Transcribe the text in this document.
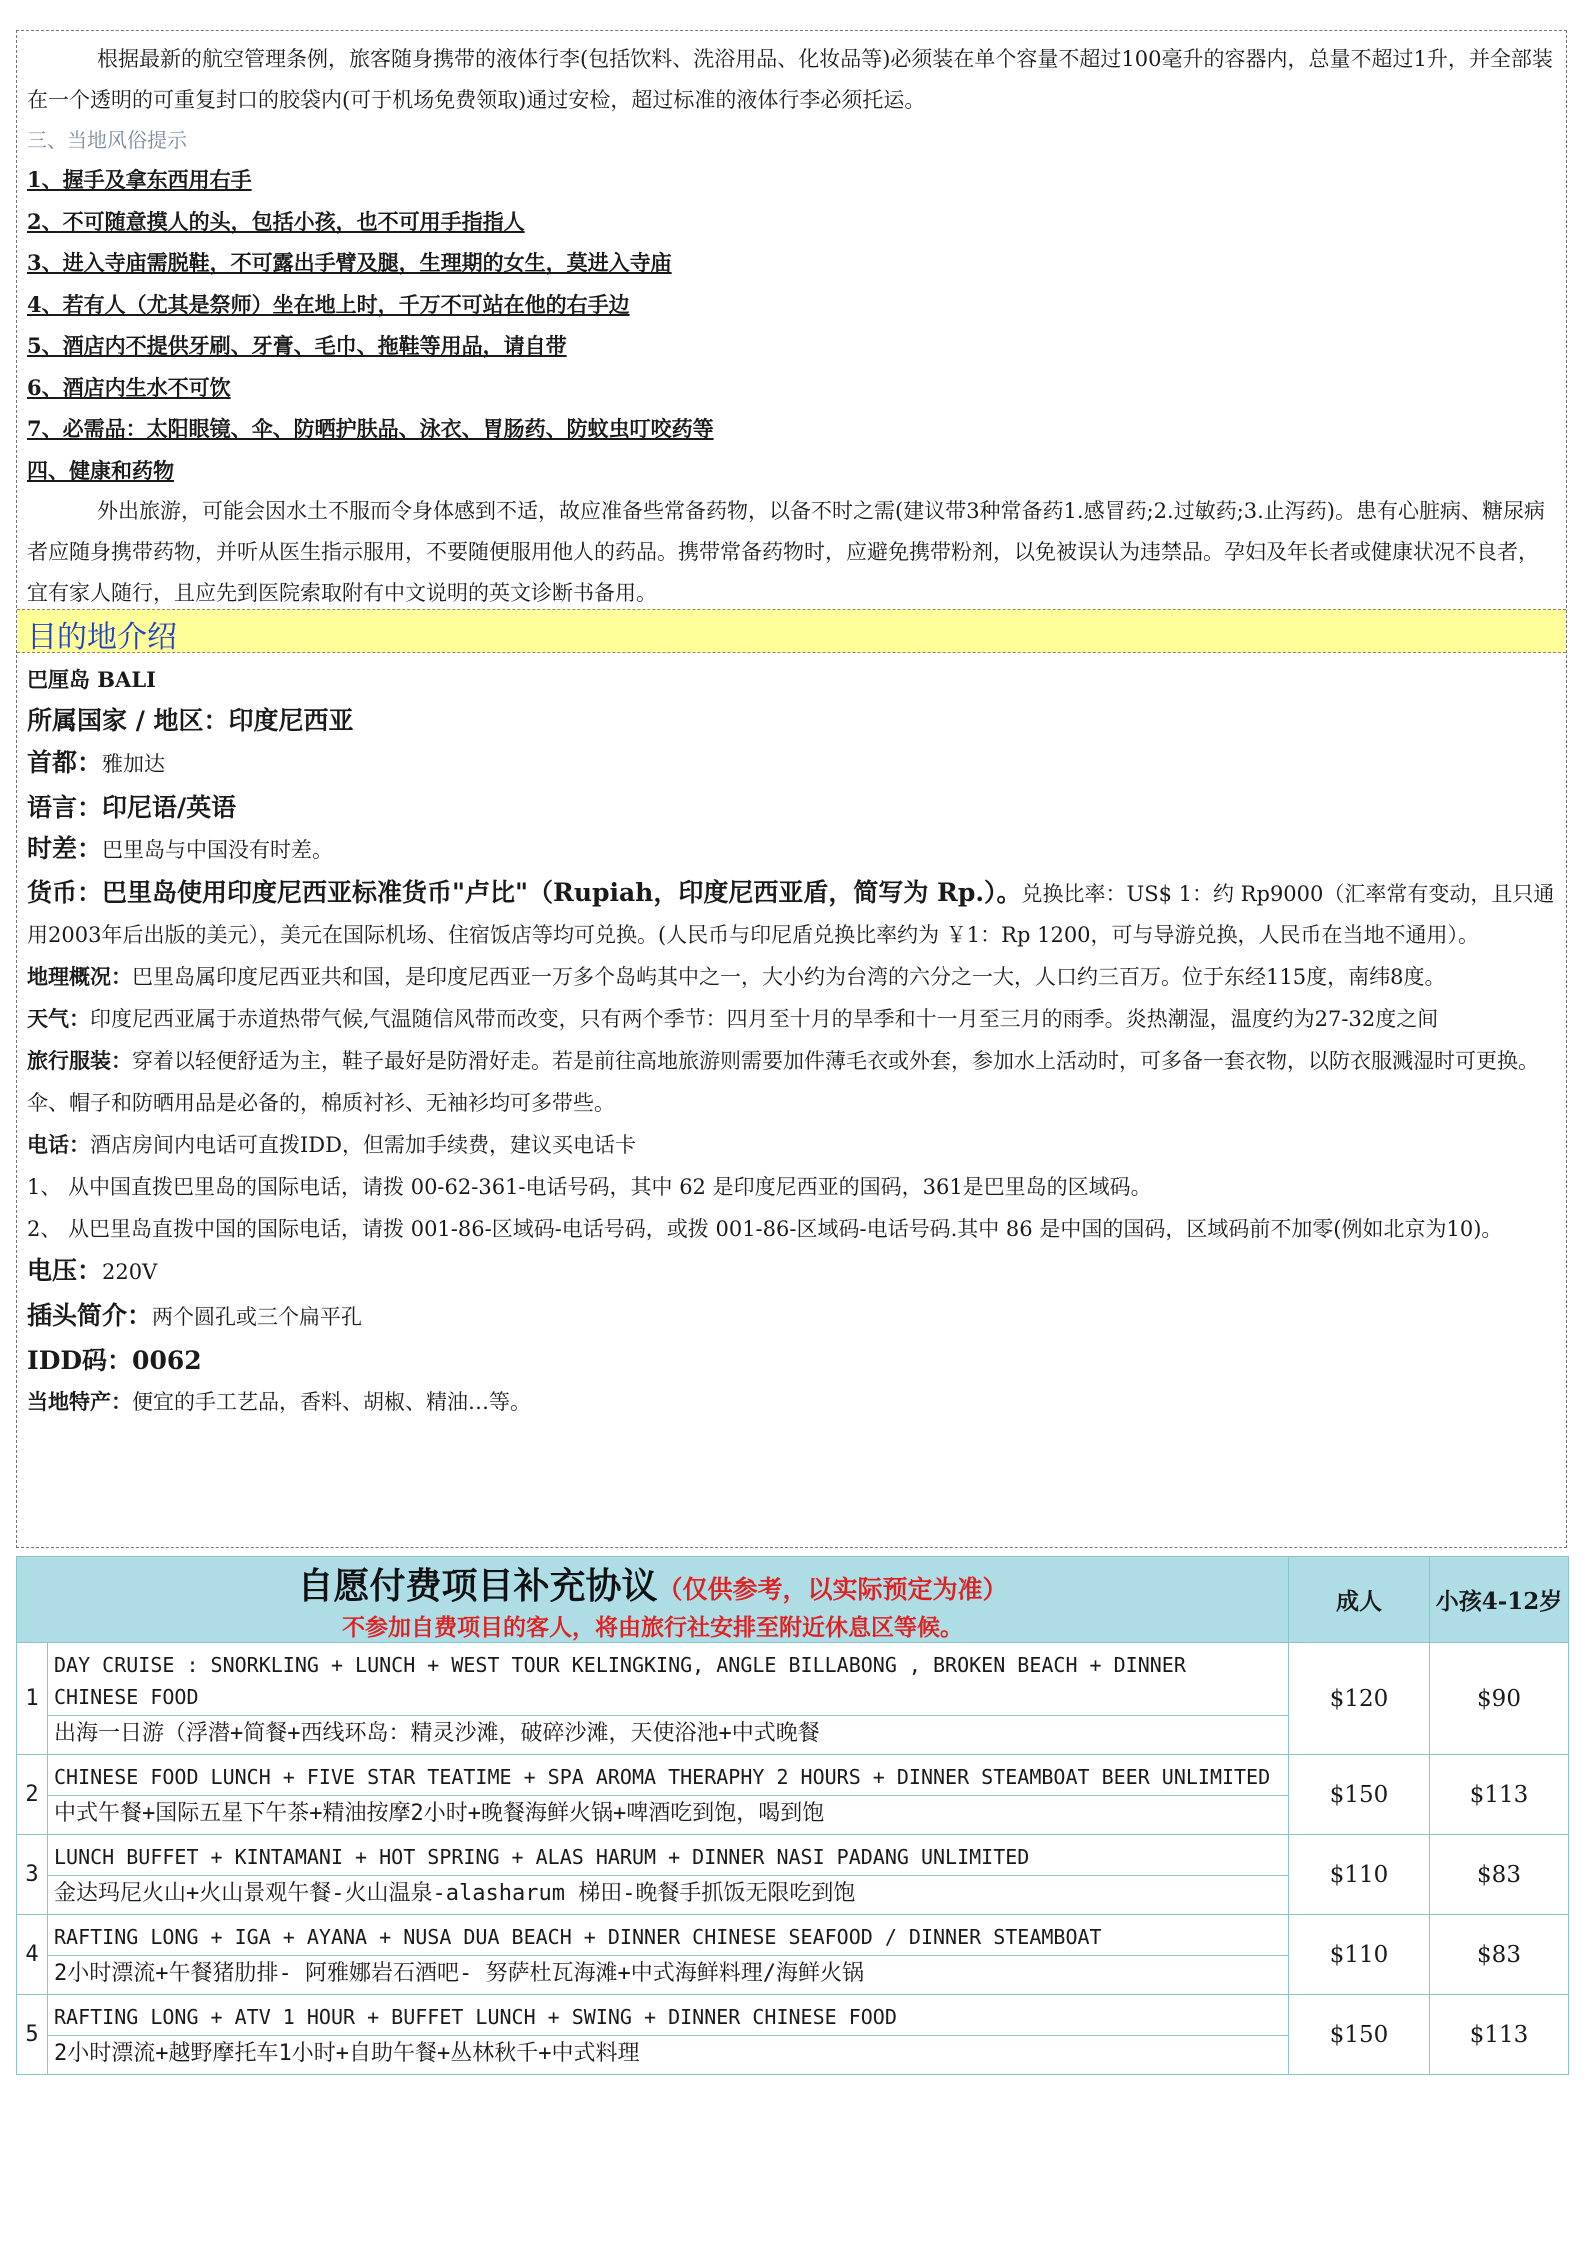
根据最新的航空管理条例，旅客随身携带的液体行李(包括饮料、洗浴用品、化妆品等)必须装在单个容量不超过100毫升的容器内，总量不超过1升，并全部装在一个透明的可重复封口的胶袋内(可于机场免费领取)通过安检，超过标准的液体行李必须托运。

三、当地风俗提示
1、握手及拿东西用右手
2、不可随意摸人的头，包括小孩，也不可用手指指人
3、进入寺庙需脱鞋，不可露出手臂及腿，生理期的女生，莫进入寺庙
4、若有人（尤其是祭师）坐在地上时，千万不可站在他的右手边
5、酒店内不提供牙刷、牙膏、毛巾、拖鞋等用品，请自带
6、酒店内生水不可饮
7、必需品：太阳眼镜、伞、防晒护肤品、泳衣、胃肠药、防蚊虫叮咬药等
四、健康和药物

外出旅游，可能会因水土不服而令身体感到不适，故应准备些常备药物，以备不时之需(建议带3种常备药1.感冒药;2.过敏药;3.止泻药)。患有心脏病、糖尿病者应随身携带药物，并听从医生指示服用，不要随便服用他人的药品。携带常备药物时，应避免携带粉剂，以免被误认为违禁品。孕妇及年长者或健康状况不良者，宜有家人随行，且应先到医院索取附有中文说明的英文诊断书备用。

目的地介绍
巴厘岛 BALI
所属国家 / 地区：印度尼西亚
首都：雅加达
语言：印尼语/英语
时差：巴里岛与中国没有时差。
货币：巴里岛使用印度尼西亚标准货币"卢比"（Rupiah，印度尼西亚盾，简写为 Rp.）。兑换比率：US$ 1：约 Rp9000（汇率常有变动，且只通用2003年后出版的美元），美元在国际机场、住宿饭店等均可兑换。(人民币与印尼盾兑换比率约为 ￥1：Rp 1200，可与导游兑换，人民币在当地不通用）。
地理概况：巴里岛属印度尼西亚共和国，是印度尼西亚一万多个岛屿其中之一，大小约为台湾的六分之一大，人口约三百万。位于东经115度，南纬8度。
天气：印度尼西亚属于赤道热带气候,气温随信风带而改变，只有两个季节：四月至十月的旱季和十一月至三月的雨季。炎热潮湿，温度约为27-32度之间
旅行服装：穿着以轻便舒适为主，鞋子最好是防滑好走。若是前往高地旅游则需要加件薄毛衣或外套，参加水上活动时，可多备一套衣物，以防衣服溅湿时可更换。伞、帽子和防晒用品是必备的，棉质衬衫、无袖衫均可多带些。
电话：酒店房间内电话可直拨IDD，但需加手续费，建议买电话卡
1、 从中国直拨巴里岛的国际电话，请拨 00-62-361-电话号码，其中 62 是印度尼西亚的国码，361是巴里岛的区域码。
2、 从巴里岛直拨中国的国际电话，请拨 001-86-区域码-电话号码，或拨 001-86-区域码-电话号码.其中 86 是中国的国码，区域码前不加零(例如北京为10)。
电压：220V
插头简介：两个圆孔或三个扁平孔
IDD码：0062
当地特产：便宜的手工艺品，香料、胡椒、精油…等。
自愿付费项目补充协议（仅供参考，以实际预定为准）
不参加自费项目的客人，将由旅行社安排至附近休息区等候。		成人	小孩4-12岁
1	DAY CRUISE : SNORKLING + LUNCH + WEST TOUR KELINGKING, ANGLE BILLABONG , BROKEN BEACH + DINNER CHINESE FOOD	$120	$90
	出海一日游（浮潜+简餐+西线环岛：精灵沙滩，破碎沙滩，天使浴池+中式晚餐		
2	CHINESE FOOD LUNCH + FIVE STAR TEATIME + SPA AROMA THERAPHY 2 HOURS + DINNER STEAMBOAT BEER UNLIMITED	$150	$113
	中式午餐+国际五星下午茶+精油按摩2小时+晚餐海鲜火锅+啤酒吃到饱，喝到饱		
3	LUNCH BUFFET + KINTAMANI + HOT SPRING + ALAS HARUM + DINNER NASI PADANG UNLIMITED	$110	$83
	金达玛尼火山+火山景观午餐-火山温泉-alasharum 梯田-晚餐手抓饭无限吃到饱		
4	RAFTING LONG + IGA + AYANA + NUSA DUA BEACH + DINNER CHINESE SEAFOOD / DINNER STEAMBOAT	$110	$83
	2小时漂流+午餐猪肋排- 阿雅娜岩石酒吧- 努萨杜瓦海滩+中式海鲜料理/海鲜火锅		
5	RAFTING LONG + ATV 1 HOUR + BUFFET LUNCH + SWING + DINNER CHINESE FOOD	$150	$113
	2小时漂流+越野摩托车1小时+自助午餐+丛林秋千+中式料理		
